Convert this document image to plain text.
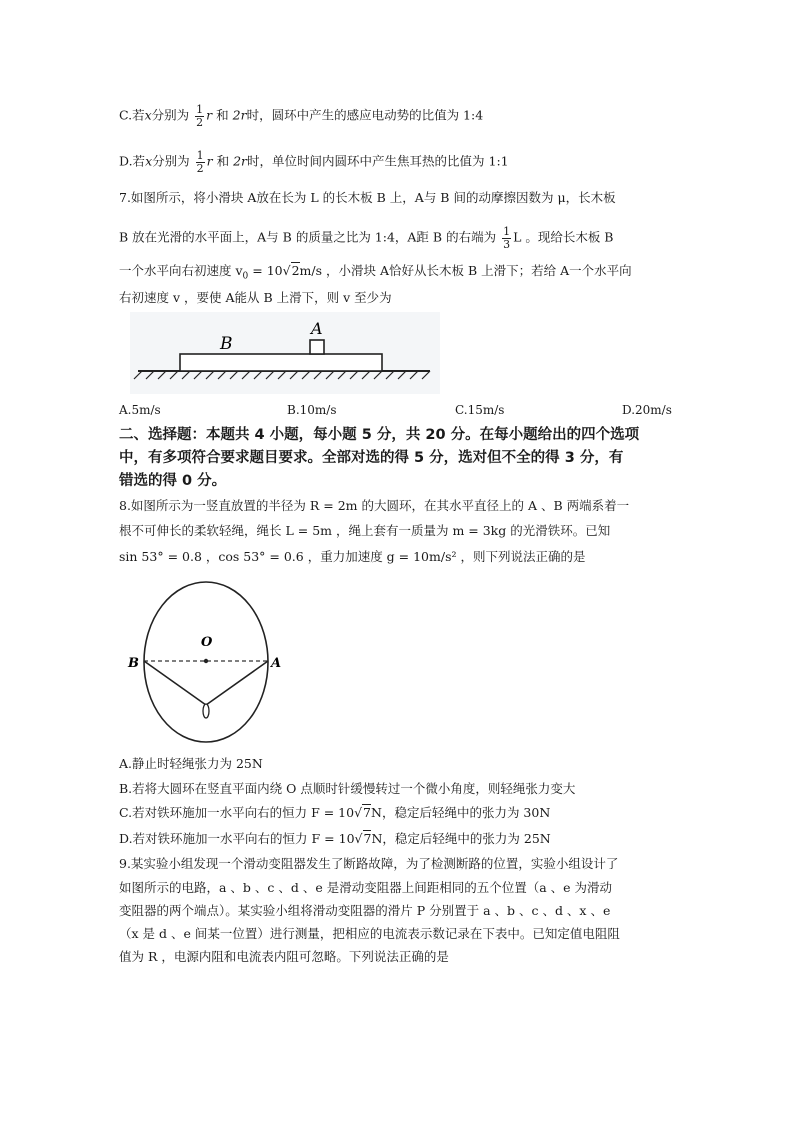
C.若x分别为 $\frac{1}{2}$ r 和 2r时，圆环中产生的感应电动势的比值为 1:4
D.若x分别为 $\frac{1}{2}$ r 和 2r时，单位时间内圆环中产生焦耳热的比值为 1:1
7.如图所示，将小滑块 A放在长为 L 的长木板 B 上，A与 B 间的动摩擦因数为 μ，长木板
B 放在光滑的水平面上，A与 B 的质量之比为 1:4，A距 B 的右端为 $\frac{1}{3}$ L 。现给长木板 B
一个水平向右初速度 $v_0 = 10√2m/s$ ，小滑块 A恰好从长木板 B 上滑下；若给 A一个水平向
右初速度 v ，要使 A能从 B 上滑下，则 v 至少为
B
A
A.5m/s	B.10m/s	C.15m/s	D.20m/s
二、选择题：本题共 4 小题，每小题 5 分，共 20 分。在每小题给出的四个选项
中，有多项符合要求题目要求。全部对选的得 5 分，选对但不全的得 3 分，有
错选的得 0 分。
8.如图所示为一竖直放置的半径为 R = 2m 的大圆环，在其水平直径上的 A 、B 两端系着一
根不可伸长的柔软轻绳，绳长 L = 5m ，绳上套有一质量为 m = 3kg 的光滑铁环。已知
sin 53° = 0.8 ，cos 53° = 0.6 ，重力加速度 g = 10m/s² ，则下列说法正确的是
O
B	A
A.静止时轻绳张力为 25N
B.若将大圆环在竖直平面内绕 O 点顺时针缓慢转过一个微小角度，则轻绳张力变大
C.若对铁环施加一水平向右的恒力 F = 10√7N，稳定后轻绳中的张力为 30N
D.若对铁环施加一水平向右的恒力 F = 10√7N，稳定后轻绳中的张力为 25N
9.某实验小组发现一个滑动变阻器发生了断路故障，为了检测断路的位置，实验小组设计了
如图所示的电路，a 、b 、c 、d 、e 是滑动变阻器上间距相同的五个位置（a 、e 为滑动
变阻器的两个端点）。某实验小组将滑动变阻器的滑片 P 分别置于 a 、b 、c 、d 、x 、e
（x 是 d 、e 间某一位置）进行测量，把相应的电流表示数记录在下表中。已知定值电阻阻
值为 R ，电源内阻和电流表内阻可忽略。下列说法正确的是
